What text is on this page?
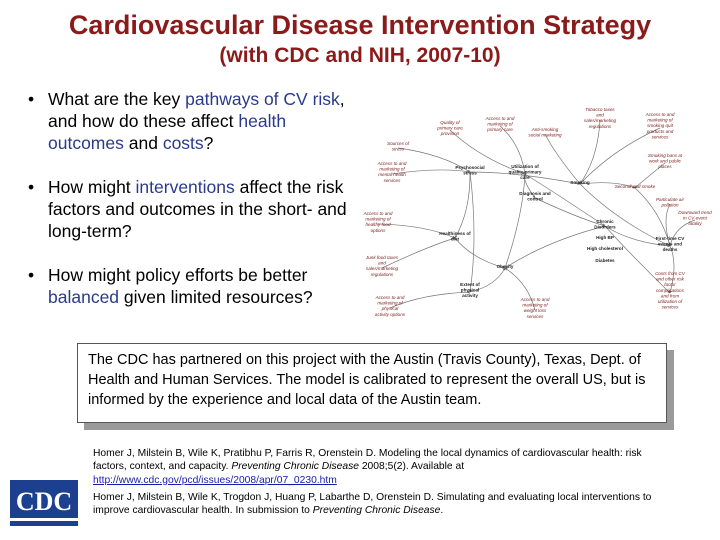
Cardiovascular Disease Intervention Strategy
(with CDC and NIH, 2007-10)
• What are the key pathways of CV risk, and how do these affect health outcomes and costs?
• How might interventions affect the risk factors and outcomes in the short- and long-term?
• How might policy efforts be better balanced given limited resources?
Quality of primary care provision
Access to and marketing of primary care	Anti-smoking social marketing
Tobacco taxes and sales/marketing regulations
Access to and marketing of smoking quit products and services
Sources of stress
Smoking bans at work and public places
Psychosocial stress
Utilization of quality primary care
Access to and marketing of mental health services	Smoking
Secondhand smoke
Particulate air pollution
Diagnosis and control
Downward trend in CV event fatality
Access to and marketing of healthy food options
Chronic Disorders
High BP
High cholesterol
Diabetes
Healthiness of diet	First-time CV events and deaths
Junk food taxes and sales/marketing regulations
Obesity
Extent of physical activity
Access to and marketing of physical activity options
Access to and marketing of weight loss services
Costs from CV and other risk factor complications and from utilization of services
The CDC has partnered on this project with the Austin (Travis County), Texas, Dept. of Health and Human Services. The model is calibrated to represent the overall US, but is informed by the experience and local data of the Austin team.

Homer J, Milstein B, Wile K, Pratibhu P, Farris R, Orenstein D. Modeling the local dynamics of cardiovascular health: risk factors, context, and capacity. Preventing Chronic Disease 2008;5(2). Available at http://www.cdc.gov/pcd/issues/2008/apr/07_0230.htm

Homer J, Milstein B, Wile K, Trogdon J, Huang P, Labarthe D, Orenstein D. Simulating and evaluating local interventions to improve cardiovascular health. In submission to Preventing Chronic Disease.

CDC
